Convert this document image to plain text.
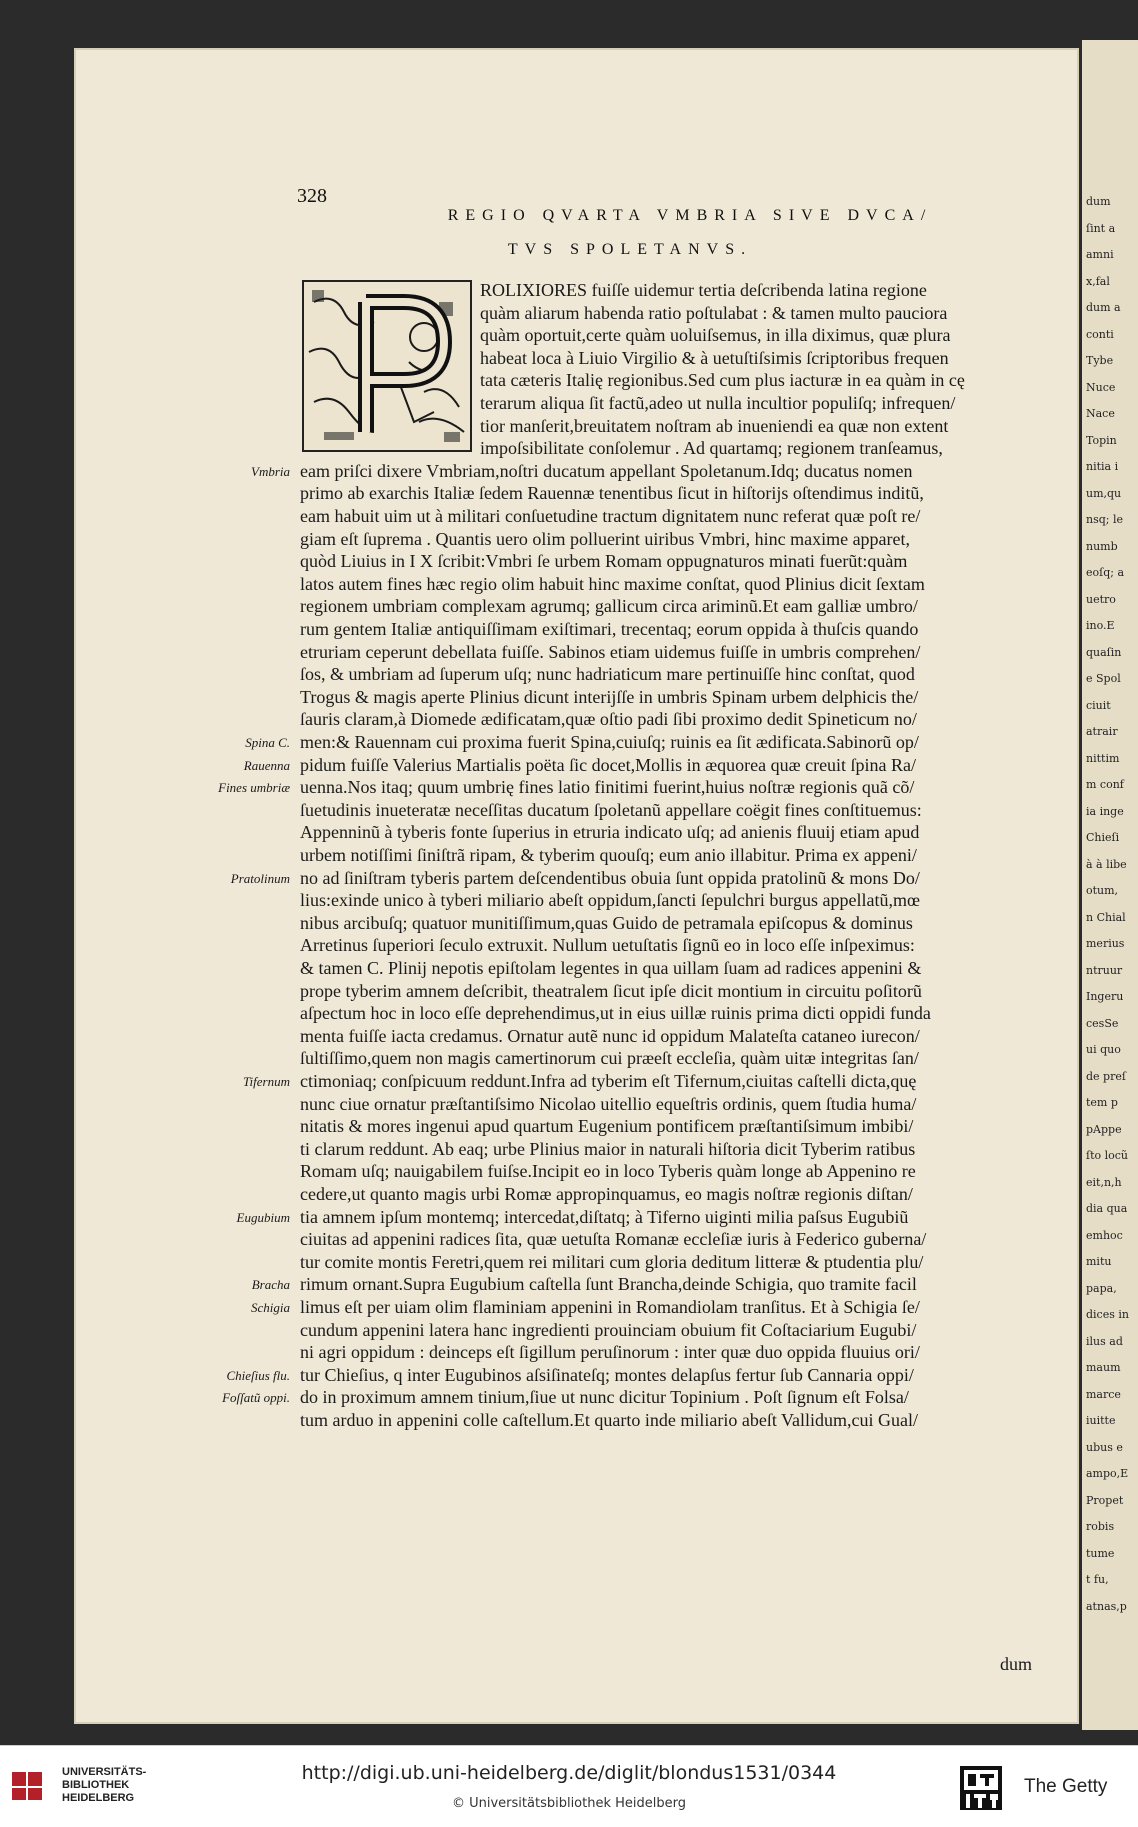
dum
ſint a
amni
x,fal
dum a
conti
Tybe
Nuce
Nace
Topin
nitia i
um,qu
nsq; le
numb
eoſq; a
uetro
ino.E
quaſin
e Spol
ciuit
atrair
nittim
m conf
ia inge
Chieſi
à à libe
otum,
n Chial
merius
ntruur
Ingeru
cesSe
ui quo
de preſ
tem p
pAppe
ſto locũ
eit,n,h
dia qua
emhoc
mitu
papa,
dices in
ilus ad
maum
marce
iuitte
ubus e
ampo,E
Propet
robis
tume
t fu,
atnas,p
328
REGIO QVARTA VMBRIA SIVE DVCA/
TVS SPOLETANVS.
ROLIXIORES fuiſſe uidemur tertia deſcribenda latina regione
quàm aliarum habenda ratio poſtulabat : & tamen multo pauciora
quàm oportuit,certe quàm uoluiſsemus, in illa diximus, quæ plura
habeat loca à Liuio Virgilio & à uetuſtiſsimis ſcriptoribus frequen
tata cæteris Italię regionibus.Sed cum plus iacturæ in ea quàm in cę
terarum aliqua ſit factũ,adeo ut nulla incultior populiſq; infrequen/
tior manſerit,breuitatem noſtram ab inueniendi ea quæ non extent
impoſsibilitate conſolemur . Ad quartamq; regionem tranſeamus,
eam priſci dixere Vmbriam,noſtri ducatum appellant Spoletanum.Idq; ducatus nomen
primo ab exarchis Italiæ ſedem Rauennæ tenentibus ſicut in hiſtorijs oſtendimus inditũ,
eam habuit uim ut à militari conſuetudine tractum dignitatem nunc referat quæ poſt re/
giam eſt ſuprema . Quantis uero olim polluerint uiribus Vmbri, hinc maxime apparet,
quòd Liuius in I X ſcribit:Vmbri ſe urbem Romam oppugnaturos minati fuerũt:quàm
latos autem fines hæc regio olim habuit hinc maxime conſtat, quod Plinius dicit ſextam
regionem umbriam complexam agrumq; gallicum circa ariminũ.Et eam galliæ umbro/
rum gentem Italiæ antiquiſſimam exiſtimari, trecentaq; eorum oppida à thuſcis quando
etruriam ceperunt debellata fuiſſe. Sabinos etiam uidemus fuiſſe in umbris comprehen/
ſos, & umbriam ad ſuperum uſq; nunc hadriaticum mare pertinuiſſe hinc conſtat, quod
Trogus & magis aperte Plinius dicunt interijſſe in umbris Spinam urbem delphicis the/
ſauris claram,à Diomede ædificatam,quæ oſtio padi ſibi proximo dedit Spineticum no/
men:& Rauennam cui proxima fuerit Spina,cuiuſq; ruinis ea ſit ædificata.Sabinorũ op/
pidum fuiſſe Valerius Martialis poëta ſic docet,Mollis in æquorea quæ creuit ſpina Ra/
uenna.Nos itaq; quum umbrię fines latio finitimi fuerint,huius noſtræ regionis quã cõ/
ſuetudinis inueteratæ neceſſitas ducatum ſpoletanũ appellare coëgit fines conſtituemus:
Appenninũ à tyberis fonte ſuperius in etruria indicato uſq; ad anienis fluuij etiam apud
urbem notiſſimi ſiniſtrã ripam, & tyberim quouſq; eum anio illabitur. Prima ex appeni/
no ad ſiniſtram tyberis partem deſcendentibus obuia ſunt oppida pratolinũ & mons Do/
lius:exinde unico à tyberi miliario abeſt oppidum,ſancti ſepulchri burgus appellatũ,mœ
nibus arcibuſq; quatuor munitiſſimum,quas Guido de petramala epiſcopus & dominus
Arretinus ſuperiori ſeculo extruxit. Nullum uetuſtatis ſignũ eo in loco eſſe inſpeximus:
& tamen C. Plinij nepotis epiſtolam legentes in qua uillam ſuam ad radices appenini &
prope tyberim amnem deſcribit, theatralem ſicut ipſe dicit montium in circuitu poſitorũ
aſpectum hoc in loco eſſe deprehendimus,ut in eius uillæ ruinis prima dicti oppidi funda
menta fuiſſe iacta credamus. Ornatur autẽ nunc id oppidum Malateſta cataneo iurecon/
ſultiſſimo,quem non magis camertinorum cui præeſt eccleſia, quàm uitæ integritas ſan/
ctimoniaq; conſpicuum reddunt.Infra ad tyberim eſt Tifernum,ciuitas caſtelli dicta,quę
nunc ciue ornatur præſtantiſsimo Nicolao uitellio equeſtris ordinis, quem ſtudia huma/
nitatis & mores ingenui apud quartum Eugenium pontificem præſtantiſsimum imbibi/
ti clarum reddunt. Ab eaq; urbe Plinius maior in naturali hiſtoria dicit Tyberim ratibus
Romam uſq; nauigabilem fuiſse.Incipit eo in loco Tyberis quàm longe ab Appenino re
cedere,ut quanto magis urbi Romæ appropinquamus, eo magis noſtræ regionis diſtan/
tia amnem ipſum montemq; intercedat,diſtatq; à Tiferno uiginti milia paſsus Eugubiũ
ciuitas ad appenini radices ſita, quæ uetuſta Romanæ eccleſiæ iuris à Federico guberna/
tur comite montis Feretri,quem rei militari cum gloria deditum litteræ & ptudentia plu/
rimum ornant.Supra Eugubium caſtella ſunt Brancha,deinde Schigia, quo tramite facil
limus eſt per uiam olim flaminiam appenini in Romandiolam tranſitus. Et à Schigia ſe/
cundum appenini latera hanc ingredienti prouinciam obuium fit Coſtaciarium Eugubi/
ni agri oppidum : deinceps eſt ſigillum peruſinorum : inter quæ duo oppida fluuius ori/
tur Chieſius, q inter Eugubinos aſsiſinateſq; montes delapſus fertur ſub Cannaria oppi/
do in proximum amnem tinium,ſiue ut nunc dicitur Topinium . Poſt ſignum eſt Folsa/
tum arduo in appenini colle caſtellum.Et quarto inde miliario abeſt Vallidum,cui Gual/
Vmbria
Spina C.
Rauenna
Fines umbriæ
Pratolinum
Tifernum
Eugubium
Bracha
Schigia
Chieſius flu.
Foſſatũ oppi.
dum
UNIVERSITÄTS-
BIBLIOTHEK
HEIDELBERG
http://digi.ub.uni-heidelberg.de/diglit/blondus1531/0344
© Universitätsbibliothek Heidelberg
The Getty
